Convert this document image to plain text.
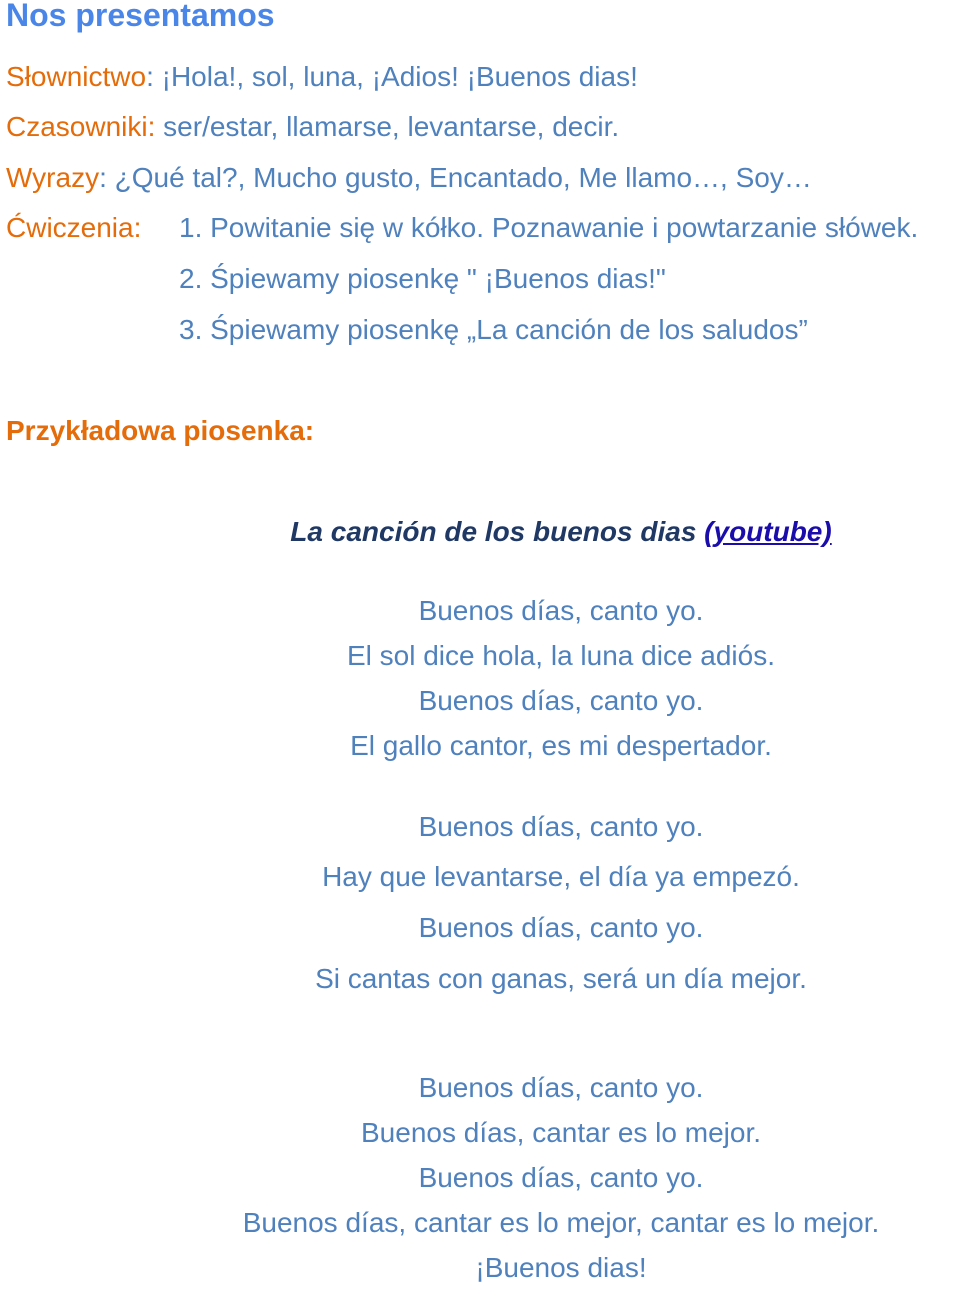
Nos presentamos

Słownictwo: ¡Hola!, sol, luna, ¡Adios! ¡Buenos dias!

Czasowniki: ser/estar, llamarse, levantarse, decir.

Wyrazy: ¿Qué tal?, Mucho gusto, Encantado, Me llamo…, Soy…

Ćwiczenia: 1. Powitanie się w kółko. Poznawanie i powtarzanie słówek.

2. Śpiewamy piosenkę " ¡Buenos dias!"

3. Śpiewamy piosenkę „La canción de los saludos”

Przykładowa piosenka:

La canción de los buenos dias (youtube)

Buenos días, canto yo.

El sol dice hola, la luna dice adiós.

Buenos días, canto yo.

El gallo cantor, es mi despertador.

Buenos días, canto yo.

Hay que levantarse, el día ya empezó.

Buenos días, canto yo.

Si cantas con ganas, será un día mejor.

Buenos días, canto yo.

Buenos días, cantar es lo mejor.

Buenos días, canto yo.

Buenos días, cantar es lo mejor, cantar es lo mejor.

¡Buenos dias!
